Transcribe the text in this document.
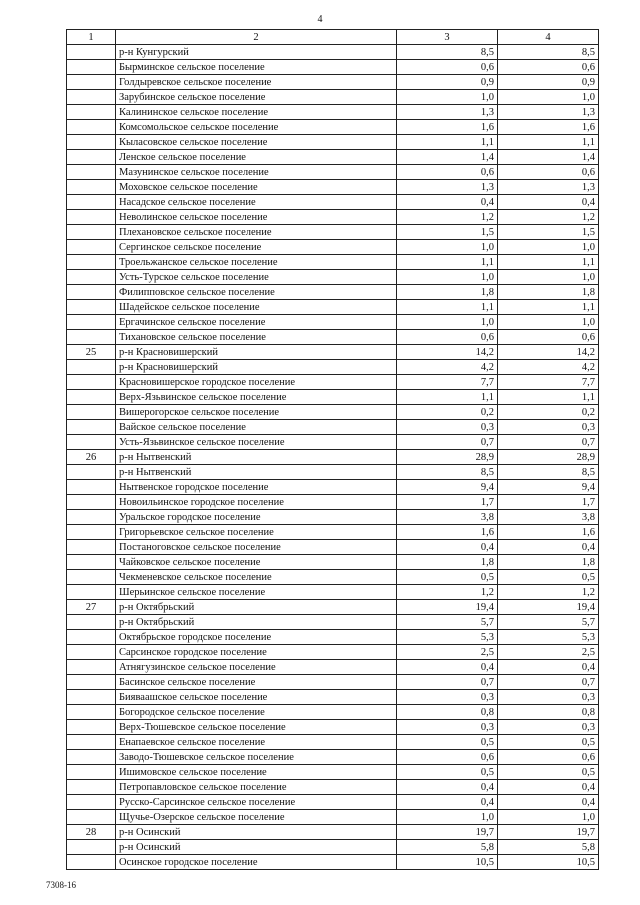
4
1	2	3	4
	р-н Кунгурский	8,5	8,5
	Бырминское сельское поселение	0,6	0,6
	Голдыревское сельское поселение	0,9	0,9
	Зарубинское сельское поселение	1,0	1,0
	Калининское сельское поселение	1,3	1,3
	Комсомольское сельское поселение	1,6	1,6
	Кыласовское сельское поселение	1,1	1,1
	Ленское сельское поселение	1,4	1,4
	Мазунинское сельское поселение	0,6	0,6
	Моховское сельское поселение	1,3	1,3
	Насадское сельское поселение	0,4	0,4
	Неволинское сельское поселение	1,2	1,2
	Плехановское сельское поселение	1,5	1,5
	Сергинское сельское поселение	1,0	1,0
	Троельжанское сельское поселение	1,1	1,1
	Усть-Турское сельское поселение	1,0	1,0
	Филипповское сельское поселение	1,8	1,8
	Шадейское сельское поселение	1,1	1,1
	Ергачинское сельское поселение	1,0	1,0
	Тихановское сельское поселение	0,6	0,6
25	р-н Красновишерский	14,2	14,2
	р-н Красновишерский	4,2	4,2
	Красновишерское городское поселение	7,7	7,7
	Верх-Язьвинское сельское поселение	1,1	1,1
	Вишерогорское сельское поселение	0,2	0,2
	Вайское сельское поселение	0,3	0,3
	Усть-Язьвинское сельское поселение	0,7	0,7
26	р-н Нытвенский	28,9	28,9
	р-н Нытвенский	8,5	8,5
	Нытвенское городское поселение	9,4	9,4
	Новоильинское городское поселение	1,7	1,7
	Уральское городское поселение	3,8	3,8
	Григорьевское сельское поселение	1,6	1,6
	Постаноговское сельское поселение	0,4	0,4
	Чайковское сельское поселение	1,8	1,8
	Чекменевское сельское поселение	0,5	0,5
	Шерьинское сельское поселение	1,2	1,2
27	р-н Октябрьский	19,4	19,4
	р-н Октябрьский	5,7	5,7
	Октябрьское городское поселение	5,3	5,3
	Сарсинское городское поселение	2,5	2,5
	Атнягузинское сельское поселение	0,4	0,4
	Басинское сельское поселение	0,7	0,7
	Бияваашское сельское поселение	0,3	0,3
	Богородское сельское поселение	0,8	0,8
	Верх-Тюшевское сельское поселение	0,3	0,3
	Енапаевское сельское поселение	0,5	0,5
	Заводо-Тюшевское сельское поселение	0,6	0,6
	Ишимовское сельское поселение	0,5	0,5
	Петропавловское сельское поселение	0,4	0,4
	Русско-Сарсинское сельское поселение	0,4	0,4
	Щучье-Озерское сельское поселение	1,0	1,0
28	р-н Осинский	19,7	19,7
	р-н Осинский	5,8	5,8
	Осинское городское поселение	10,5	10,5
7308-16
